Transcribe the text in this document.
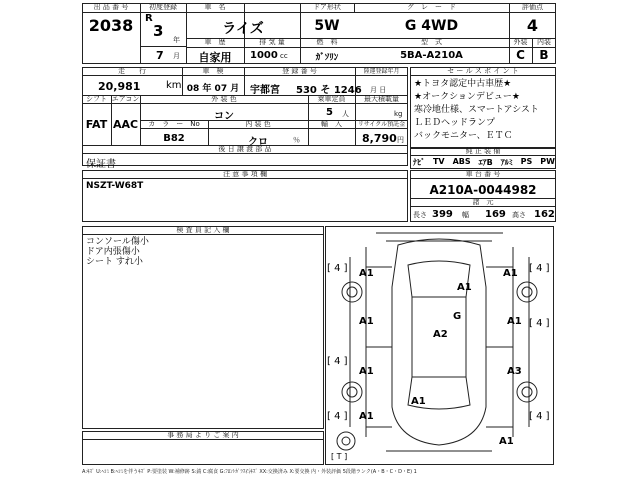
出 品 番 号
2038
初度登録
R
3 年
7 月
車　名
ライズ
ドア形状
5W
グ　レ　ー　ド
G 4WD
評価点
4
車　歴
自家用
排 気 量
1000 cc
燃　料
ｶﾞｿﾘﾝ
型　式
5BA-A210A
外装
C
内装
B
走　　行
20,981	km
車　検
08 年 07 月
登 録 番 号
宇都宮 530 そ 1246
陸運登録年月
月 日
シフト
FAT
エアコン
AAC
外 装 色
コン
乗車定員
5 人
最大積載量
kg
カ　ラ　ー　No
B82
内 装 色
クロ	％
輸　入	リサイクル預託金
8,790 円
後 日 譲 渡 部 品
保証書
セ ー ル ス ポ イ ン ト
★トヨタ認定中古車歴★
★オークションデビュー★
寒冷地仕様、スマートアシスト
ＬＥＤヘッドランプ
バックモニター、ＥＴＣ
純 正 装 備
ﾅﾋﾞ TV ABS ｴｱB ｱﾙﾐ PS PW
注 意 事 項 欄
NSZT-W68T
車 台 番 号
A210A-0044982
諸　元
長さ 399 幅 169 高さ 162
検 査 員 記 入 欄
コンソール傷小
ドア内張傷小
シート すれ小
事 務 局 よ り ご 案 内
A1	A1
A1
A1	A1
A1
A1
A2
A3
G
A1
A1
[ 4 ]	[ 4 ]
[ 4 ]
[ 4 ]
[ 4 ]	[ 4 ]
[ T ]
A:ｷｽﾞ U:ﾍｺﾐ B:ﾍｺﾐを伴うｷｽﾞ P:要塗装 W:補修跡 S:錆 C:腐食 G:ﾌﾛﾝﾄｶﾞﾗｽ石ｷｽﾞ XX:交換済み X:要交換 内・外装評価 5段階ランク(A・B・C・D・E) 1
